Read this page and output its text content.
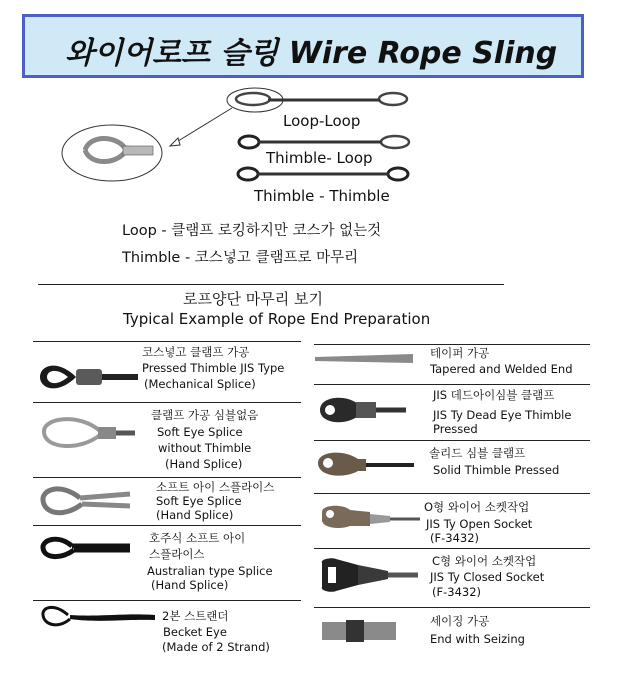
와이어로프 슬링 Wire Rope Sling
Loop-Loop
Thimble- Loop
Thimble - Thimble
Loop - 클램프 로킹하지만 코스가 없는것
Thimble - 코스넣고 클램프로 마무리
로프양단 마무리 보기
Typical Example of Rope End Preparation
코스넣고 클램프 가공
Pressed Thimble JIS Type
(Mechanical Splice)
클램프 가공 심블없음
Soft Eye Splice
without Thimble
(Hand Splice)
소프트 아이 스플라이스
Soft Eye Splice
(Hand Splice)
호주식 소프트 아이
스플라이스
Australian type Splice
(Hand Splice)
2본 스트랜더
Becket Eye
(Made of 2 Strand)
테이퍼 가공
Tapered and Welded End
JIS 데드아이심블 클램프
JIS Ty Dead Eye Thimble
Pressed
솔리드 심블 클램프
Solid Thimble Pressed
O형 와이어 소켓작업
JIS Ty Open Socket
(F-3432)
C형 와이어 소켓작업
JIS Ty Closed Socket
(F-3432)
세이징 가공
End with Seizing
